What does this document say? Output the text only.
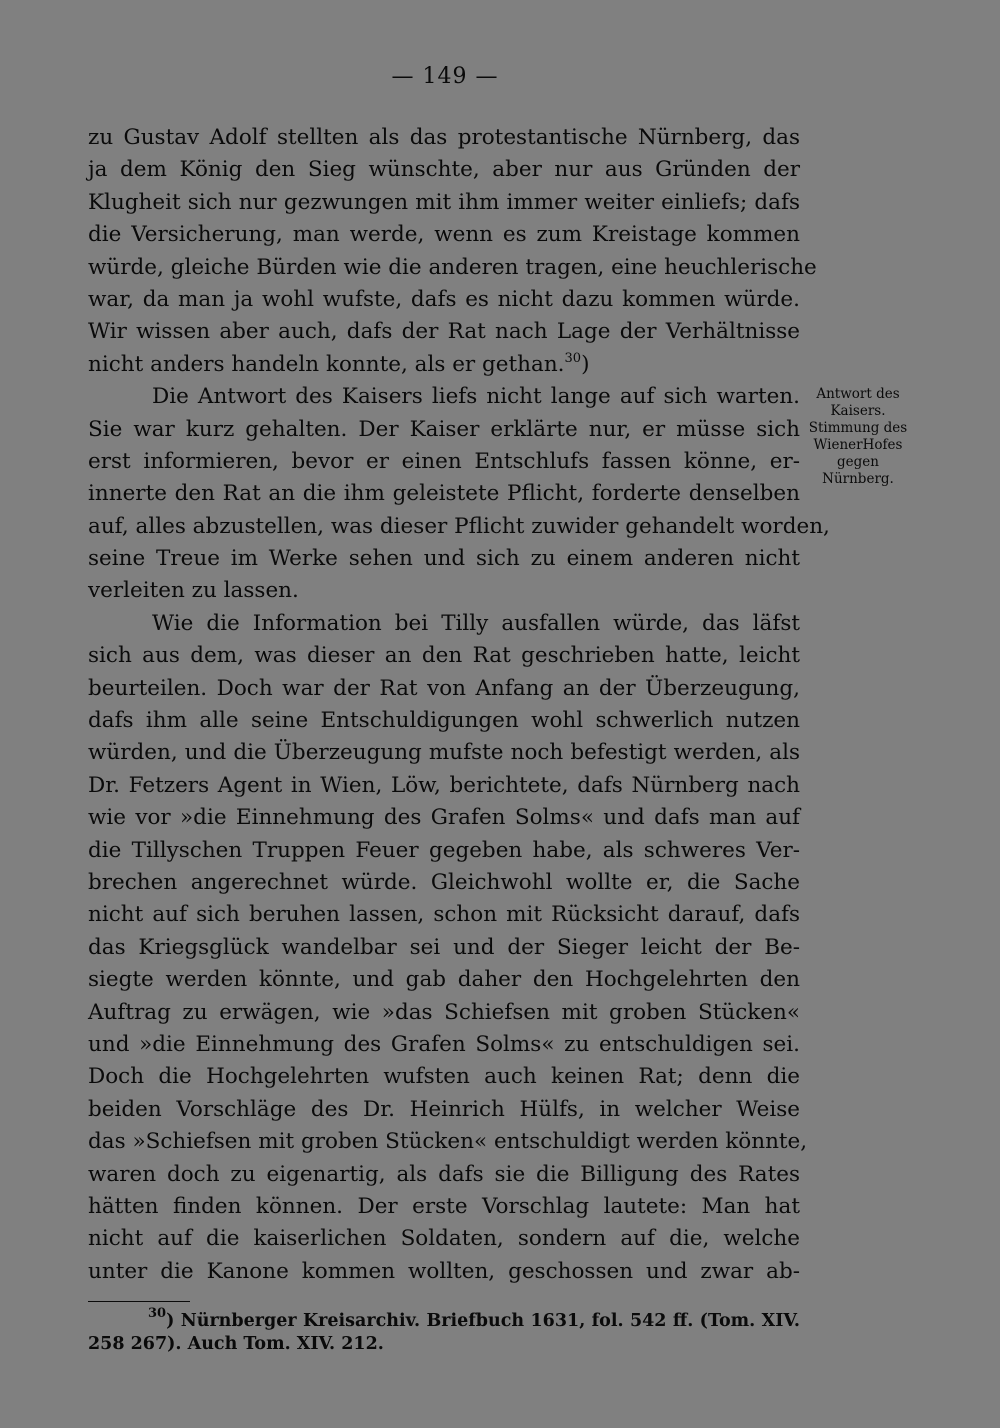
— 149 —
zu Gustav Adolf stellten als das protestantische Nürnberg, das
ja dem König den Sieg wünschte, aber nur aus Gründen der
Klugheit sich nur gezwungen mit ihm immer weiter einliefs; dafs
die Versicherung, man werde, wenn es zum Kreistage kommen
würde, gleiche Bürden wie die anderen tragen, eine heuchlerische
war, da man ja wohl wufste, dafs es nicht dazu kommen würde.
Wir wissen aber auch, dafs der Rat nach Lage der Verhältnisse
nicht anders handeln konnte, als er gethan.$^{30}$)
Die Antwort des Kaisers liefs nicht lange auf sich warten.
Sie war kurz gehalten. Der Kaiser erklärte nur, er müsse sich
erst informieren, bevor er einen Entschlufs fassen könne, er-
innerte den Rat an die ihm geleistete Pflicht, forderte denselben
auf, alles abzustellen, was dieser Pflicht zuwider gehandelt worden,
seine Treue im Werke sehen und sich zu einem anderen nicht
verleiten zu lassen.
Wie die Information bei Tilly ausfallen würde, das läfst
sich aus dem, was dieser an den Rat geschrieben hatte, leicht
beurteilen. Doch war der Rat von Anfang an der Überzeugung,
dafs ihm alle seine Entschuldigungen wohl schwerlich nutzen
würden, und die Überzeugung mufste noch befestigt werden, als
Dr. Fetzers Agent in Wien, Löw, berichtete, dafs Nürnberg nach
wie vor »die Einnehmung des Grafen Solms« und dafs man auf
die Tillyschen Truppen Feuer gegeben habe, als schweres Ver-
brechen angerechnet würde. Gleichwohl wollte er, die Sache
nicht auf sich beruhen lassen, schon mit Rücksicht darauf, dafs
das Kriegsglück wandelbar sei und der Sieger leicht der Be-
siegte werden könnte, und gab daher den Hochgelehrten den
Auftrag zu erwägen, wie »das Schiefsen mit groben Stücken«
und »die Einnehmung des Grafen Solms« zu entschuldigen sei.
Doch die Hochgelehrten wufsten auch keinen Rat; denn die
beiden Vorschläge des Dr. Heinrich Hülfs, in welcher Weise
das »Schiefsen mit groben Stücken« entschuldigt werden könnte,
waren doch zu eigenartig, als dafs sie die Billigung des Rates
hätten finden können. Der erste Vorschlag lautete: Man hat
nicht auf die kaiserlichen Soldaten, sondern auf die, welche
unter die Kanone kommen wollten, geschossen und zwar ab-
Antwort des
Kaisers.
Stimmung des
WienerHofes
gegen
Nürnberg.
$^{30}$) Nürnberger Kreisarchiv. Briefbuch 1631, fol. 542 ff. (Tom. XIV.
258 267). Auch Tom. XIV. 212.
